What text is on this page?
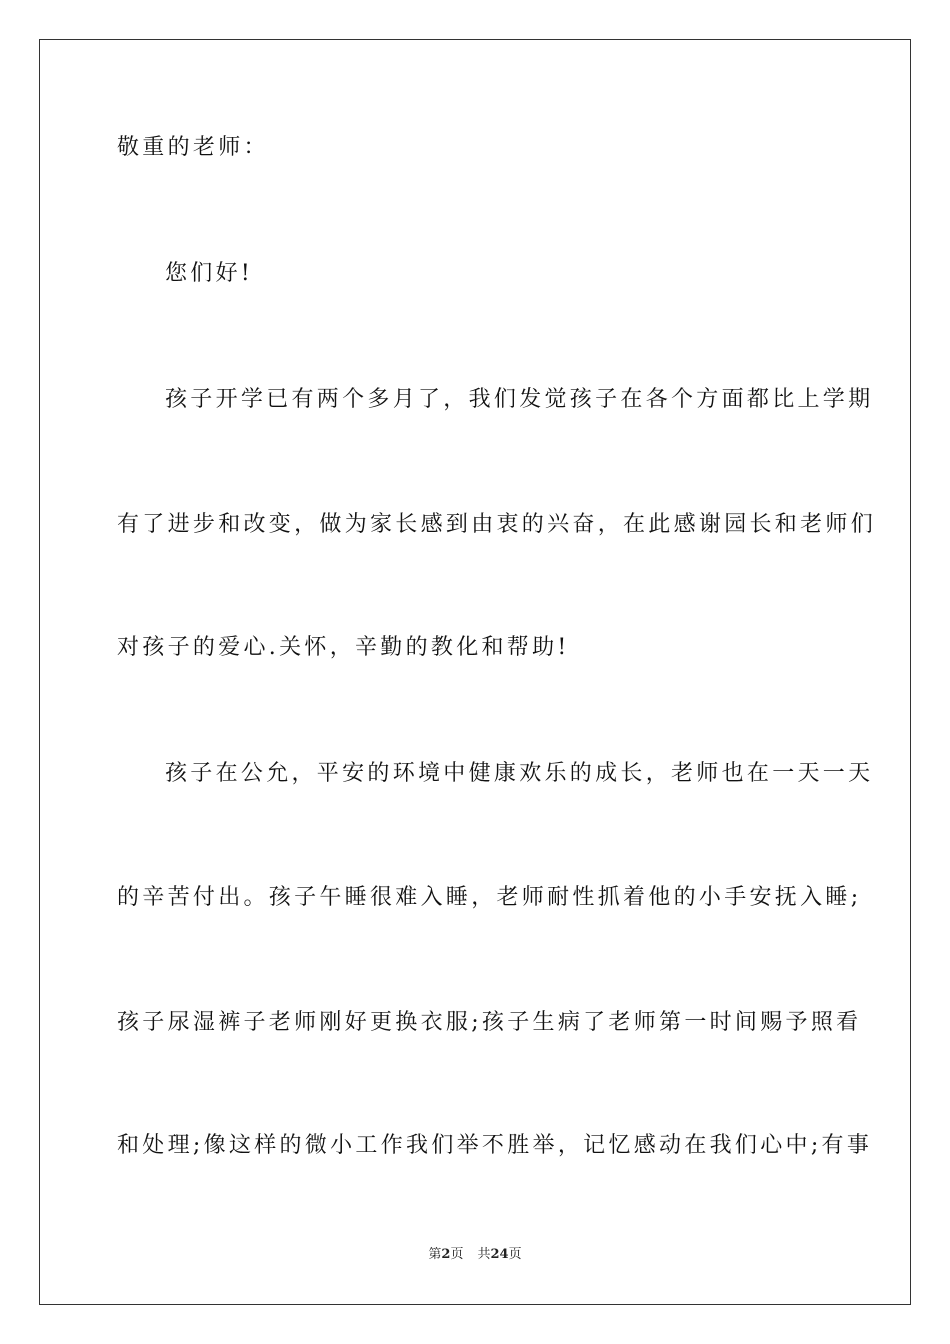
敬重的老师：
您们好!
孩子开学已有两个多月了，我们发觉孩子在各个方面都比上学期
有了进步和改变，做为家长感到由衷的兴奋，在此感谢园长和老师们
对孩子的爱心.关怀，辛勤的教化和帮助!
孩子在公允，平安的环境中健康欢乐的成长，老师也在一天一天
的辛苦付出。孩子午睡很难入睡，老师耐性抓着他的小手安抚入睡;
孩子尿湿裤子老师刚好更换衣服;孩子生病了老师第一时间赐予照看
和处理;像这样的微小工作我们举不胜举，记忆感动在我们心中;有事
第2页 共24页
